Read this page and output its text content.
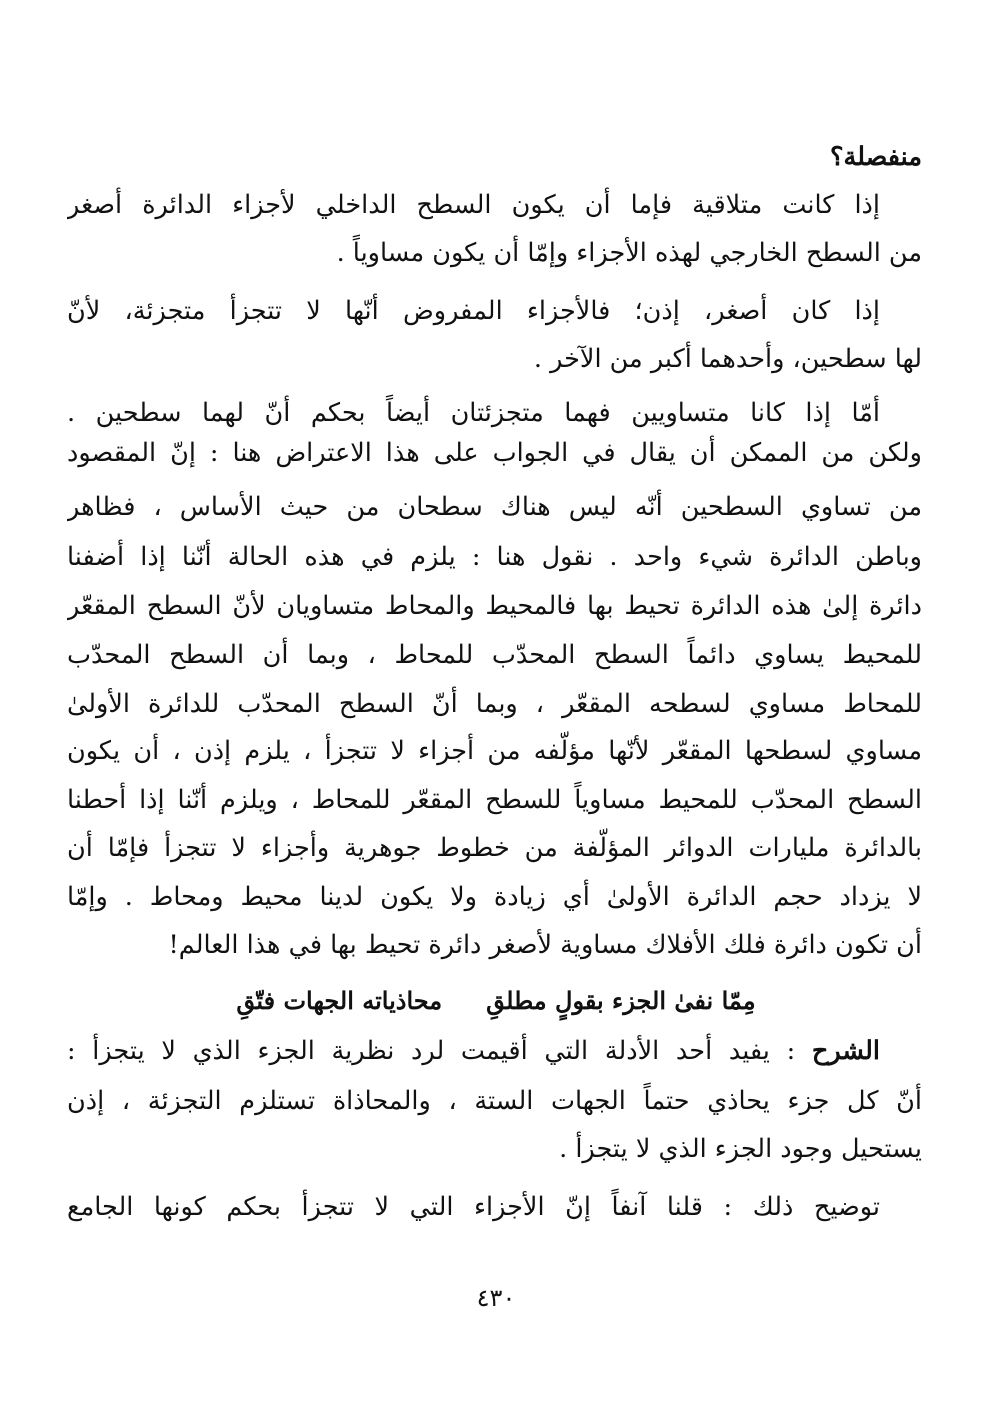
منفصلة؟
إذا كانت متلاقية فإما أن يكون السطح الداخلي لأجزاء الدائرة أصغر
من السطح الخارجي لهذه الأجزاء وإمّا أن يكون مساوياً .
إذا كان أصغر، إذن؛ فالأجزاء المفروض أنّها لا تتجزأ متجزئة، لأنّ
لها سطحين، وأحدهما أكبر من الآخر .
أمّا إذا كانا متساويين فهما متجزئتان أيضاً بحكم أنّ لهما سطحين .
ولكن من الممكن أن يقال في الجواب على هذا الاعتراض هنا : إنّ المقصود
من تساوي السطحين أنّه ليس هناك سطحان من حيث الأساس ، فظاهر
وباطن الدائرة شيء واحد . نقول هنا : يلزم في هذه الحالة أنّنا إذا أضفنا
دائرة إلىٰ هذه الدائرة تحيط بها فالمحيط والمحاط متساويان لأنّ السطح المقعّر
للمحيط يساوي دائماً السطح المحدّب للمحاط ، وبما أن السطح المحدّب
للمحاط مساوي لسطحه المقعّر ، وبما أنّ السطح المحدّب للدائرة الأولىٰ
مساوي لسطحها المقعّر لأنّها مؤلّفه من أجزاء لا تتجزأ ، يلزم إذن ، أن يكون
السطح المحدّب للمحيط مساوياً للسطح المقعّر للمحاط ، ويلزم أنّنا إذا أحطنا
بالدائرة مليارات الدوائر المؤلّفة من خطوط جوهرية وأجزاء لا تتجزأ فإمّا أن
لا يزداد حجم الدائرة الأولىٰ أي زيادة ولا يكون لدينا محيط ومحاط . وإمّا
أن تكون دائرة فلك الأفلاك مساوية لأصغر دائرة تحيط بها في هذا العالم!
مِمّا نفىٰ الجزء بقولٍ مطلقِمحاذياته الجهات فتّقِ
الشرح : يفيد أحد الأدلة التي أقيمت لرد نظرية الجزء الذي لا يتجزأ :
أنّ كل جزء يحاذي حتماً الجهات الستة ، والمحاذاة تستلزم التجزئة ، إذن
يستحيل وجود الجزء الذي لا يتجزأ .
توضيح ذلك : قلنا آنفاً إنّ الأجزاء التي لا تتجزأ بحكم كونها الجامع
٤٣٠
